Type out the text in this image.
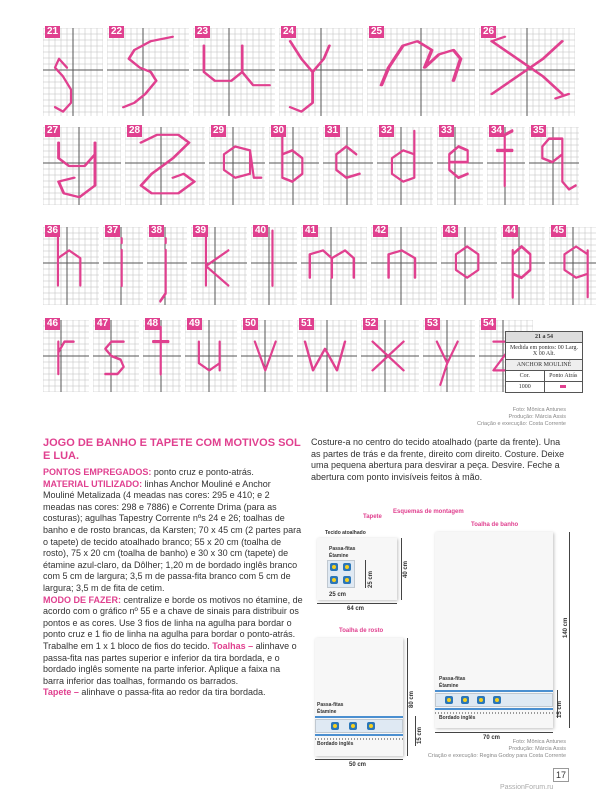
21	22	23	24	25	26
27	28	29	30	31	32	33	34	35
36	37	38	39	40	41	42	43	44	45
46	47	48	49	50	51	52	53	54
21 a 54
Medida em pontos: 00 Larg. X 00 Alt.
ANCHOR MOULINÉ
Cor.	Ponto Atrás
1000
Foto: Mônica Antunes
Produção: Márcia Assis
Criação e execução: Costa Corrente
JOGO DE BANHO E TAPETE COM MOTIVOS SOL E LUA.

PONTOS EMPREGADOS: ponto cruz e ponto-atrás.
MATERIAL UTILIZADO: linhas Anchor Mouliné e Anchor Mouliné Metalizada (4 meadas nas cores: 295 e 410; e 2 meadas nas cores: 298 e 7886) e Corrente Drima (para as costuras); agulhas Tapestry Corrente nºs 24 e 26; toalhas de banho e de rosto brancas, da Karsten; 70 x 45 cm (2 partes para o tapete) de tecido atoalhado branco; 55 x 20 cm (toalha de rosto), 75 x 20 cm (toalha de banho) e 30 x 30 cm (tapete) de étamine azul-claro, da Dôlher; 1,20 m de bordado inglês branco com 5 cm de largura; 3,5 m de passa-fita branco com 5 cm de largura; 3,5 m de fita de cetim.
MODO DE FAZER: centralize e borde os motivos no étamine, de acordo com o gráfico nº 55 e a chave de sinais para distribuir os pontos e as cores. Use 3 fios de linha na agulha para bordar o ponto cruz e 1 fio de linha na agulha para bordar o ponto-atrás. Trabalhe em 1 x 1 bloco de fios do tecido. Toalhas – alinhave o passa-fita nas partes superior e inferior da tira bordada, e o bordado inglês somente na parte inferior. Aplique a faixa na barra inferior das toalhas, formando os barrados.
Tapete – alinhave o passa-fita ao redor da tira bordada.

Costure-a no centro do tecido atoalhado (parte da frente). Una as partes de trás e da frente, direito com direito. Costure. Deixe uma pequena abertura para desvirar a peça. Desvire. Feche a abertura com ponto invisíveis feitos à mão.

Tapete
Esquemas de montagem
Toalha de banho
Tecido atoalhado
Passa-fitas
Étamine
25 cm
40 cm
25 cm
64 cm
Passa-fitas
Étamine
Bordado inglês
140 cm
15 cm
70 cm
Toalha de rosto
Passa-fitas
Étamine
Bordado inglês
80 cm
15 cm
50 cm
Foto: Mônica Antunes
Produção: Márcia Assis
Criação e execução: Regina Godoy para Costa Corrente
17
PassionForum.ru
